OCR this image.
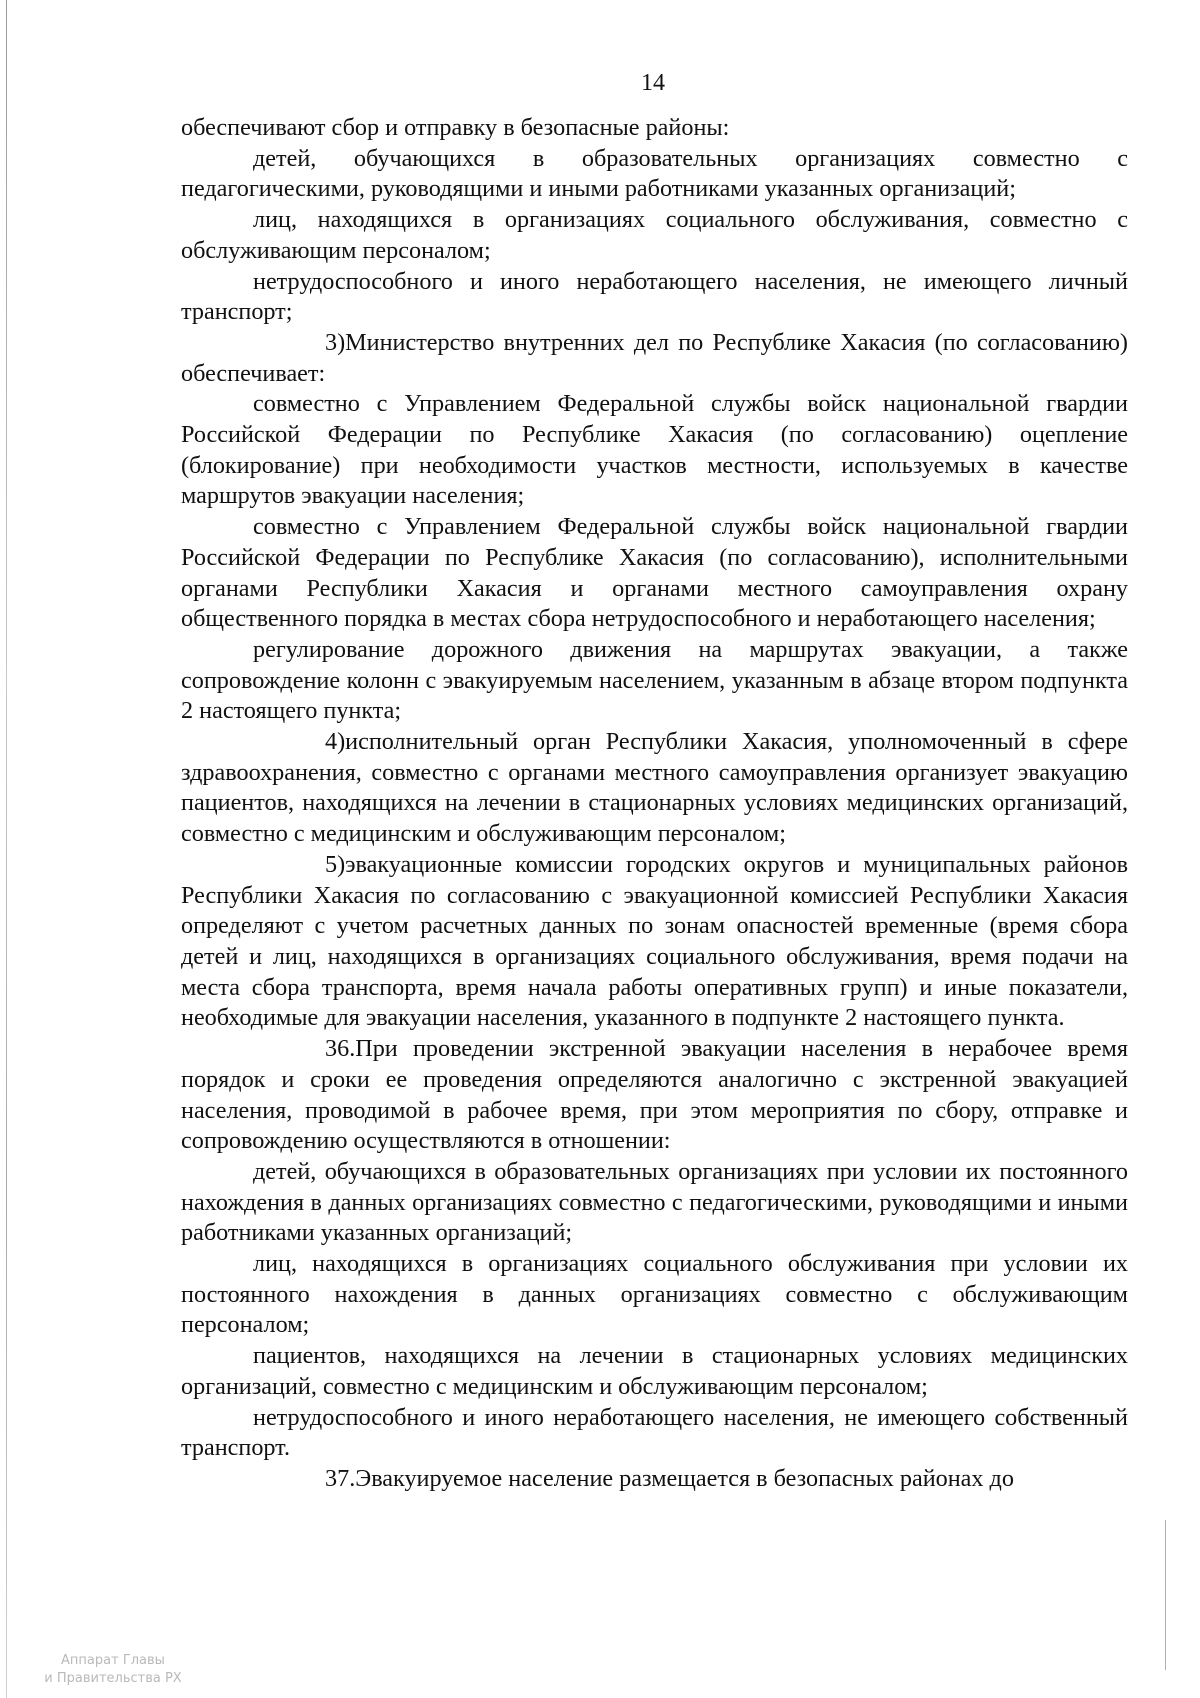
14

обеспечивают сбор и отправку в безопасные районы:

детей, обучающихся в образовательных организациях совместно с педагогическими, руководящими и иными работниками указанных организаций;

лиц, находящихся в организациях социального обслуживания, совместно с обслуживающим персоналом;

нетрудоспособного и иного неработающего населения, не имеющего личный транспорт;

3)Министерство внутренних дел по Республике Хакасия (по согласованию) обеспечивает:

совместно с Управлением Федеральной службы войск национальной гвардии Российской Федерации по Республике Хакасия (по согласованию) оцепление (блокирование) при необходимости участков местности, используемых в качестве маршрутов эвакуации населения;

совместно с Управлением Федеральной службы войск национальной гвардии Российской Федерации по Республике Хакасия (по согласованию), исполнительными органами Республики Хакасия и органами местного самоуправления охрану общественного порядка в местах сбора нетрудоспособного и неработающего населения;

регулирование дорожного движения на маршрутах эвакуации, а также сопровождение колонн с эвакуируемым населением, указанным в абзаце втором подпункта 2 настоящего пункта;

4)исполнительный орган Республики Хакасия, уполномоченный в сфере здравоохранения, совместно с органами местного самоуправления организует эвакуацию пациентов, находящихся на лечении в стационарных условиях медицинских организаций, совместно с медицинским и обслуживающим персоналом;

5)эвакуационные комиссии городских округов и муниципальных районов Республики Хакасия по согласованию с эвакуационной комиссией Республики Хакасия определяют с учетом расчетных данных по зонам опасностей временные (время сбора детей и лиц, находящихся в организациях социального обслуживания, время подачи на места сбора транспорта, время начала работы оперативных групп) и иные показатели, необходимые для эвакуации населения, указанного в подпункте 2 настоящего пункта.

36.При проведении экстренной эвакуации населения в нерабочее время порядок и сроки ее проведения определяются аналогично с экстренной эвакуацией населения, проводимой в рабочее время, при этом мероприятия по сбору, отправке и сопровождению осуществляются в отношении:

детей, обучающихся в образовательных организациях при условии их постоянного нахождения в данных организациях совместно с педагогическими, руководящими и иными работниками указанных организаций;

лиц, находящихся в организациях социального обслуживания при условии их постоянного нахождения в данных организациях совместно с обслуживающим персоналом;

пациентов, находящихся на лечении в стационарных условиях медицинских организаций, совместно с медицинским и обслуживающим персоналом;

нетрудоспособного и иного неработающего населения, не имеющего собственный транспорт.

37.Эвакуируемое население размещается в безопасных районах до

Аппарат Главы
и Правительства РХ
